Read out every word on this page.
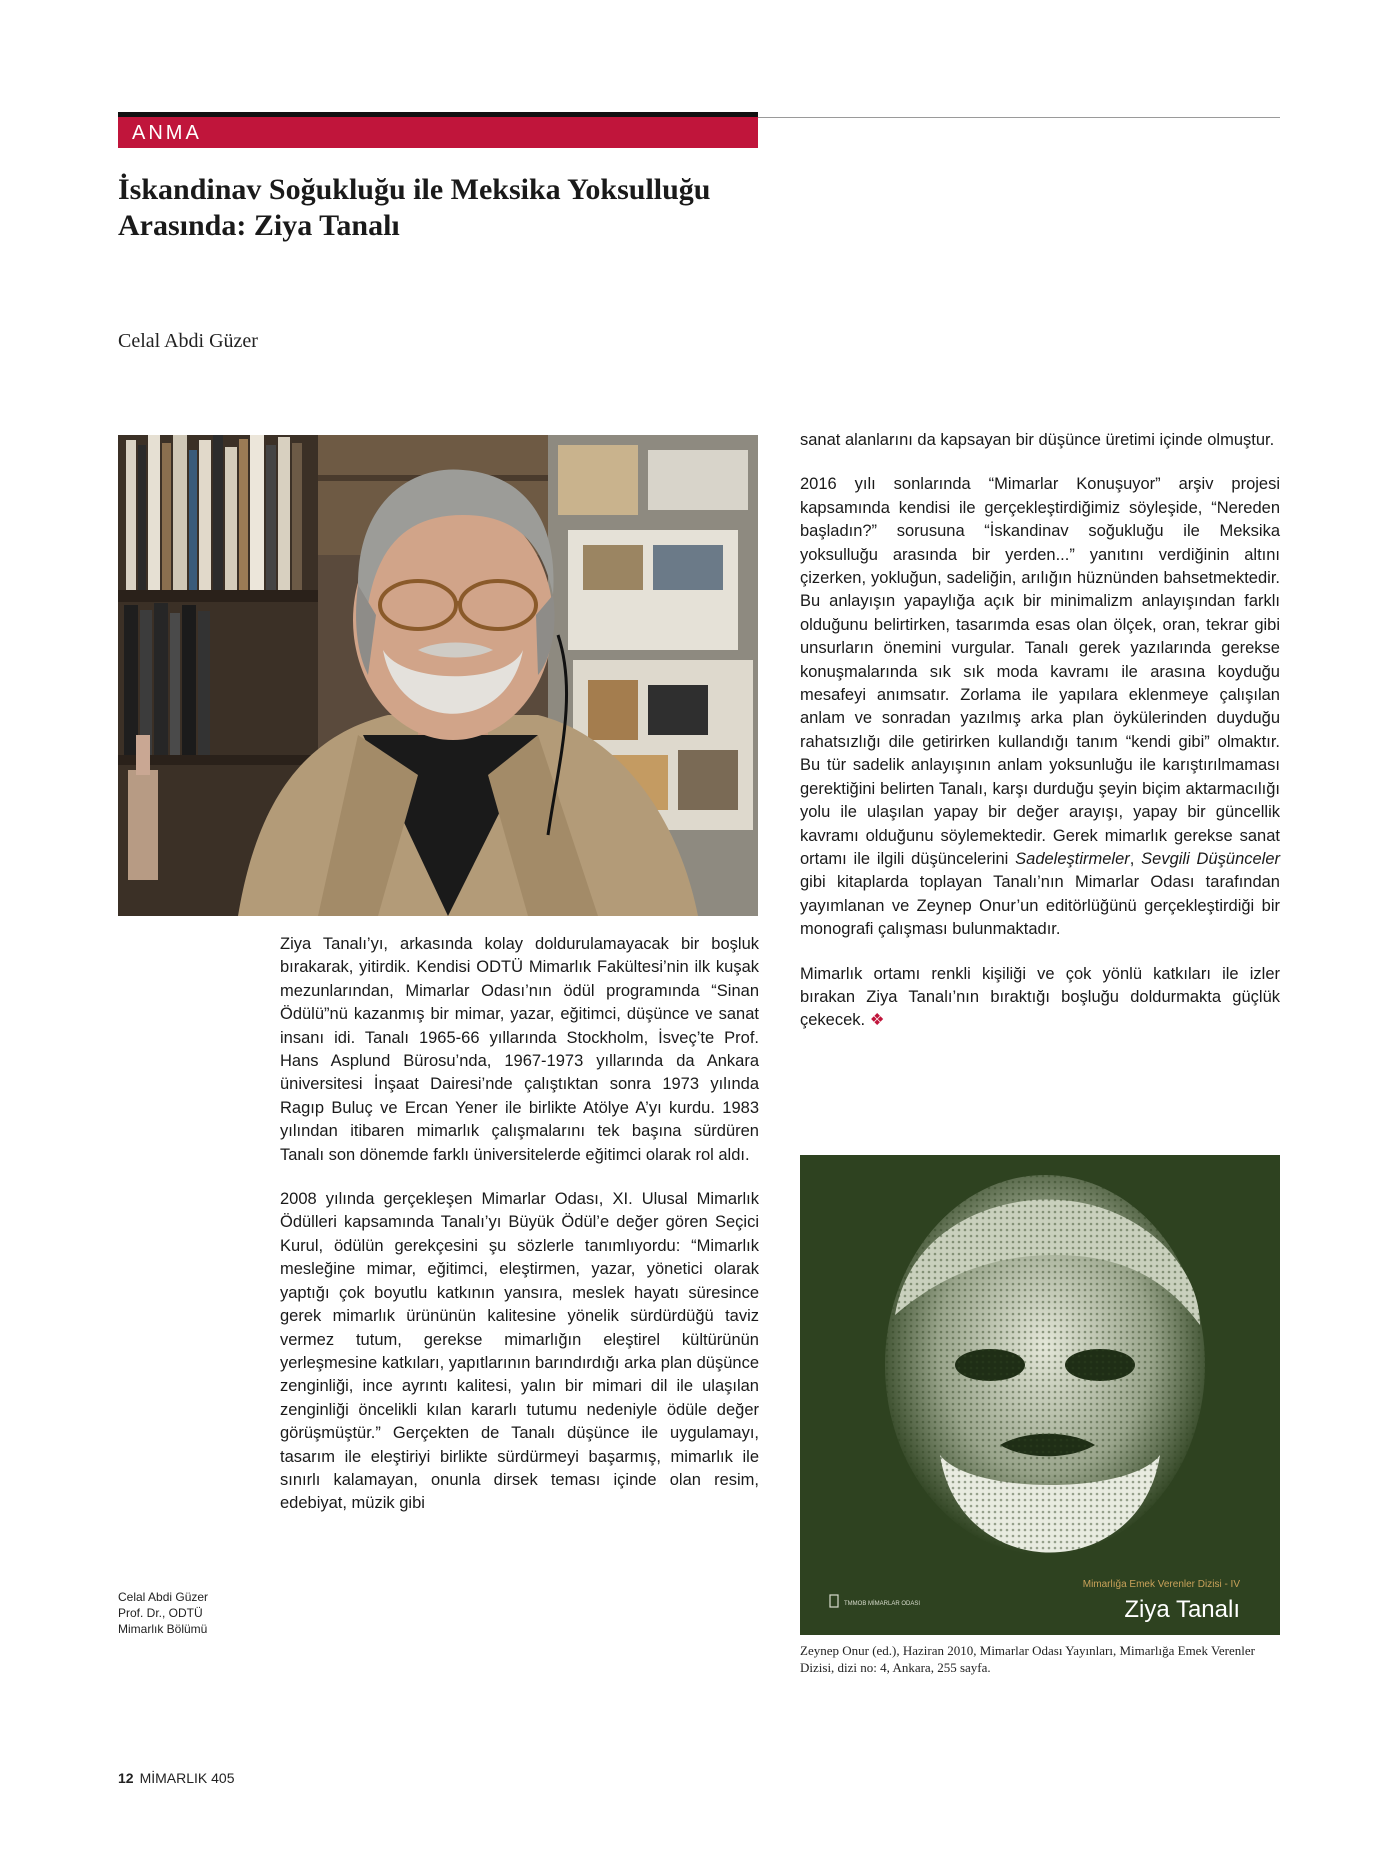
ANMA
İskandinav Soğukluğu ile Meksika Yoksulluğu
Arasında: Ziya Tanalı
Celal Abdi Güzer

Ziya Tanalı’yı, arkasında kolay doldurulamayacak bir boşluk bırakarak, yitirdik. Kendisi ODTÜ Mimarlık Fakültesi’nin ilk kuşak mezunlarından, Mimarlar Odası’nın ödül programında “Sinan Ödülü”nü kazanmış bir mimar, yazar, eğitimci, düşünce ve sanat insanı idi. Tanalı 1965-66 yıllarında Stockholm, İsveç’te Prof. Hans Asplund Bürosu’nda, 1967-1973 yıllarında da Ankara üniversitesi İnşaat Dairesi’nde çalıştıktan sonra 1973 yılında Ragıp Buluç ve Ercan Yener ile birlikte Atölye A’yı kurdu. 1983 yılından itibaren mimarlık çalışmalarını tek başına sürdüren Tanalı son dönemde farklı üniversitelerde eğitimci olarak rol aldı.

2008 yılında gerçekleşen Mimarlar Odası, XI. Ulusal Mimarlık Ödülleri kapsamında Tanalı’yı Büyük Ödül’e değer gören Seçici Kurul, ödülün gerekçesini şu sözlerle tanımlıyordu: “Mimarlık mesleğine mimar, eğitimci, eleştirmen, yazar, yönetici olarak yaptığı çok boyutlu katkının yansıra, meslek hayatı süresince gerek mimarlık ürününün kalitesine yönelik sürdürdüğü taviz vermez tutum, gerekse mimarlığın eleştirel kültürünün yerleşmesine katkıları, yapıtlarının barındırdığı arka plan düşünce zenginliği, ince ayrıntı kalitesi, yalın bir mimari dil ile ulaşılan zenginliği öncelikli kılan kararlı tutumu nedeniyle ödüle değer görüşmüştür.” Gerçekten de Tanalı düşünce ile uygulamayı, tasarım ile eleştiriyi birlikte sürdürmeyi başarmış, mimarlık ile sınırlı kalamayan, onunla dirsek teması içinde olan resim, edebiyat, müzik gibi

sanat alanlarını da kapsayan bir düşünce üretimi içinde olmuştur.

2016 yılı sonlarında “Mimarlar Konuşuyor” arşiv projesi kapsamında kendisi ile gerçekleştirdiğimiz söyleşide, “Nereden başladın?” sorusuna “İskandinav soğukluğu ile Meksika yoksulluğu arasında bir yerden...” yanıtını verdiğinin altını çizerken, yokluğun, sadeliğin, arılığın hüznünden bahsetmektedir. Bu anlayışın yapaylığa açık bir minimalizm anlayışından farklı olduğunu belirtirken, tasarımda esas olan ölçek, oran, tekrar gibi unsurların önemini vurgular. Tanalı gerek yazılarında gerekse konuşmalarında sık sık moda kavramı ile arasına koyduğu mesafeyi anımsatır. Zorlama ile yapılara eklenmeye çalışılan anlam ve sonradan yazılmış arka plan öykülerinden duyduğu rahatsızlığı dile getirirken kullandığı tanım “kendi gibi” olmaktır. Bu tür sadelik anlayışının anlam yoksunluğu ile karıştırılmaması gerektiğini belirten Tanalı, karşı durduğu şeyin biçim aktarmacılığı yolu ile ulaşılan yapay bir değer arayışı, yapay bir güncellik kavramı olduğunu söylemektedir. Gerek mimarlık gerekse sanat ortamı ile ilgili düşüncelerini Sadeleştirmeler, Sevgili Düşünceler gibi kitaplarda toplayan Tanalı’nın Mimarlar Odası tarafından yayımlanan ve Zeynep Onur’un editörlüğünü gerçekleştirdiği bir monografi çalışması bulunmaktadır.

Mimarlık ortamı renkli kişiliği ve çok yönlü katkıları ile izler bırakan Ziya Tanalı’nın bıraktığı boşluğu doldurmakta güçlük çekecek. ❖

Mimarlığa Emek Verenler Dizisi - IV
Ziya Tanalı
TMMOB MİMARLAR ODASI
Zeynep Onur (ed.), Haziran 2010, Mimarlar Odası Yayınları, Mimarlığa Emek Verenler Dizisi, dizi no: 4, Ankara, 255 sayfa.
Celal Abdi Güzer
Prof. Dr., ODTÜ
Mimarlık Bölümü
12 MİMARLIK 405
